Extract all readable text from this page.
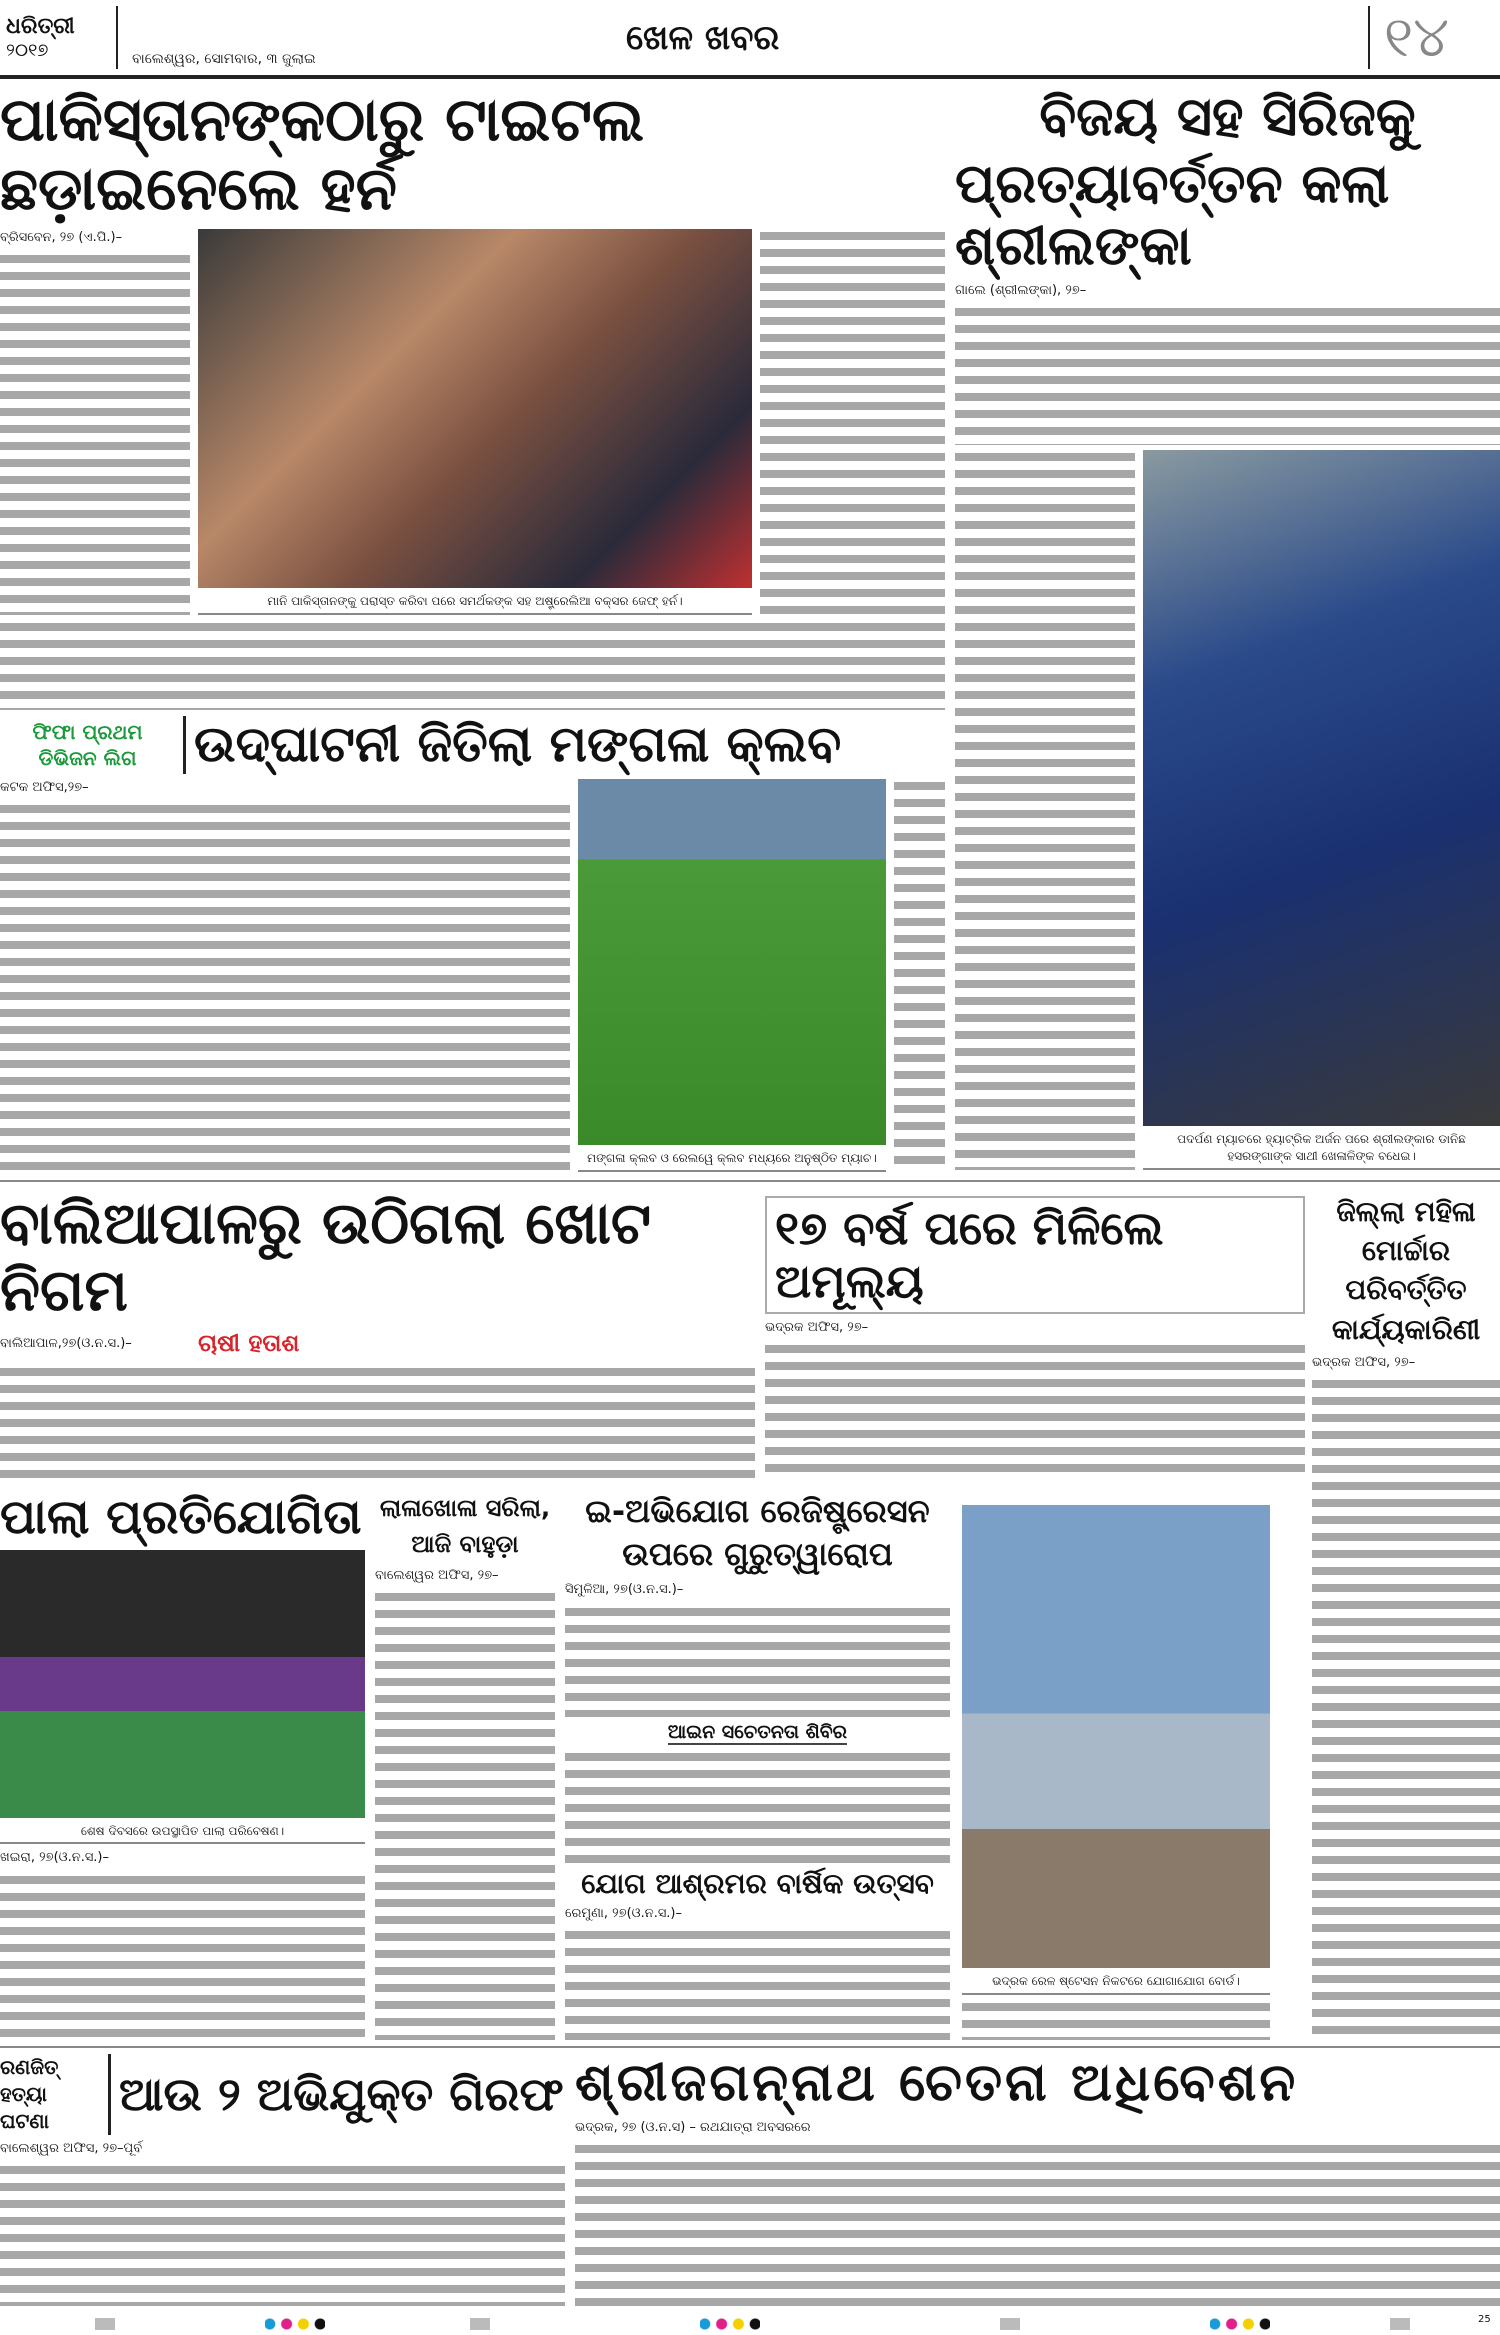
ଧରିତ୍ରୀ
୨୦୧୭	ବାଲେଶ୍ୱର, ସୋମବାର, ୩ ଜୁଲାଇ
ଖେଳ ଖବର	୧୪
ପାକିସ୍ତାନଙ୍କଠାରୁ ଟାଇଟଲ ଛଡ଼ାଇନେଲେ ହର୍ନ
ବ୍ରିସବେନ, ୨୭ (ଏ.ପି.)–
ମାନି ପାକିସ୍ତାନଙ୍କୁ ପରାସ୍ତ କରିବା ପରେ ସମର୍ଥକଙ୍କ ସହ ଅଷ୍ଟ୍ରେଲିଆ ବକ୍ସର ଜେଫ୍ ହର୍ନ।
ବିଜୟ ସହ ସିରିଜକୁ
ପ୍ରତ୍ୟାବର୍ତ୍ତନ କଲା ଶ୍ରୀଲଙ୍କା
ଗାଲେ (ଶ୍ରୀଲଙ୍କା), ୨୭–
ପଦର୍ପଣ ମ୍ୟାଚରେ ହ୍ୟାଟ୍ରିକ ଅର୍ଜନ ପରେ ଶ୍ରୀଲଙ୍କାର ଡାନିଛ ହସରଙ୍ଗାଙ୍କ ସାଥୀ ଖେଳାଳିଙ୍କ ବଧେଇ।
ଫିଫା ପ୍ରଥମ
ଡିଭିଜନ ଲିଗ	ଉଦ୍‌ଘାଟନୀ ଜିତିଲା ମଙ୍ଗଳା କ୍ଲବ
କଟକ ଅଫିସ,୨୭–
ମଙ୍ଗଳା କ୍ଲବ ଓ ରେଲୱେ କ୍ଲବ ମଧ୍ୟରେ ଅନୁଷ୍ଠିତ ମ୍ୟାଚ।
ବାଲିଆପାଳରୁ ଉଠିଗଲା ଖୋଟ ନିଗମ
ବାଲିଆପାଳ,୨୭(ଓ.ନ.ସ.)–	ଚାଷୀ ହତାଶ
୧୭ ବର୍ଷ ପରେ ମିଳିଲେ ଅମୂଲ୍ୟ
ଭଦ୍ରକ ଅଫିସ, ୨୭–
ଜିଲ୍ଲା ମହିଳା
ମୋର୍ଚ୍ଚାର ପରିବର୍ତ୍ତିତ
କାର୍ଯ୍ୟକାରିଣୀ
ଭଦ୍ରକ ଅଫିସ, ୨୭–
ପାଲା ପ୍ରତିଯୋଗିତା
ଶେଷ ଦିବସରେ ଉପସ୍ଥାପିତ ପାଲା ପରିବେଷଣ।
ଖଇରା, ୨୭(ଓ.ନ.ସ.)–
ଲାଳାଖୋଳା ସରିଲା,
ଆଜି ବାହୁଡ଼ା
ବାଲେଶ୍ୱର ଅଫିସ, ୨୭–
ଇ-ଅଭିଯୋଗ ରେଜିଷ୍ଟ୍ରେସନ
ଉପରେ ଗୁରୁତ୍ୱାରୋପ
ସିମୁଳିଆ, ୨୭(ଓ.ନ.ସ.)–
ଆଇନ ସଚେତନତା ଶିବିର
ଯୋଗ ଆଶ୍ରମର ବାର୍ଷିକ ଉତ୍ସବ
ରେମୁଣା, ୨୭(ଓ.ନ.ସ.)–
ଭଦ୍ରକ ରେଳ ଷ୍ଟେସନ ନିକଟରେ ଯୋଗାଯୋଗ ବୋର୍ଡ।
ରଣଜିତ୍
ହତ୍ୟା ଘଟଣା	ଆଉ ୨ ଅଭିଯୁକ୍ତ ଗିରଫ
ବାଲେଶ୍ୱର ଅଫିସ, ୨୭–ପୂର୍ବ
ଶ୍ରୀଜଗନ୍ନାଥ ଚେତନା ଅଧିବେଶନ
ଭଦ୍ରକ, ୨୭ (ଓ.ନ.ସ) – ରଥଯାତ୍ରା ଅବସରରେ
25
